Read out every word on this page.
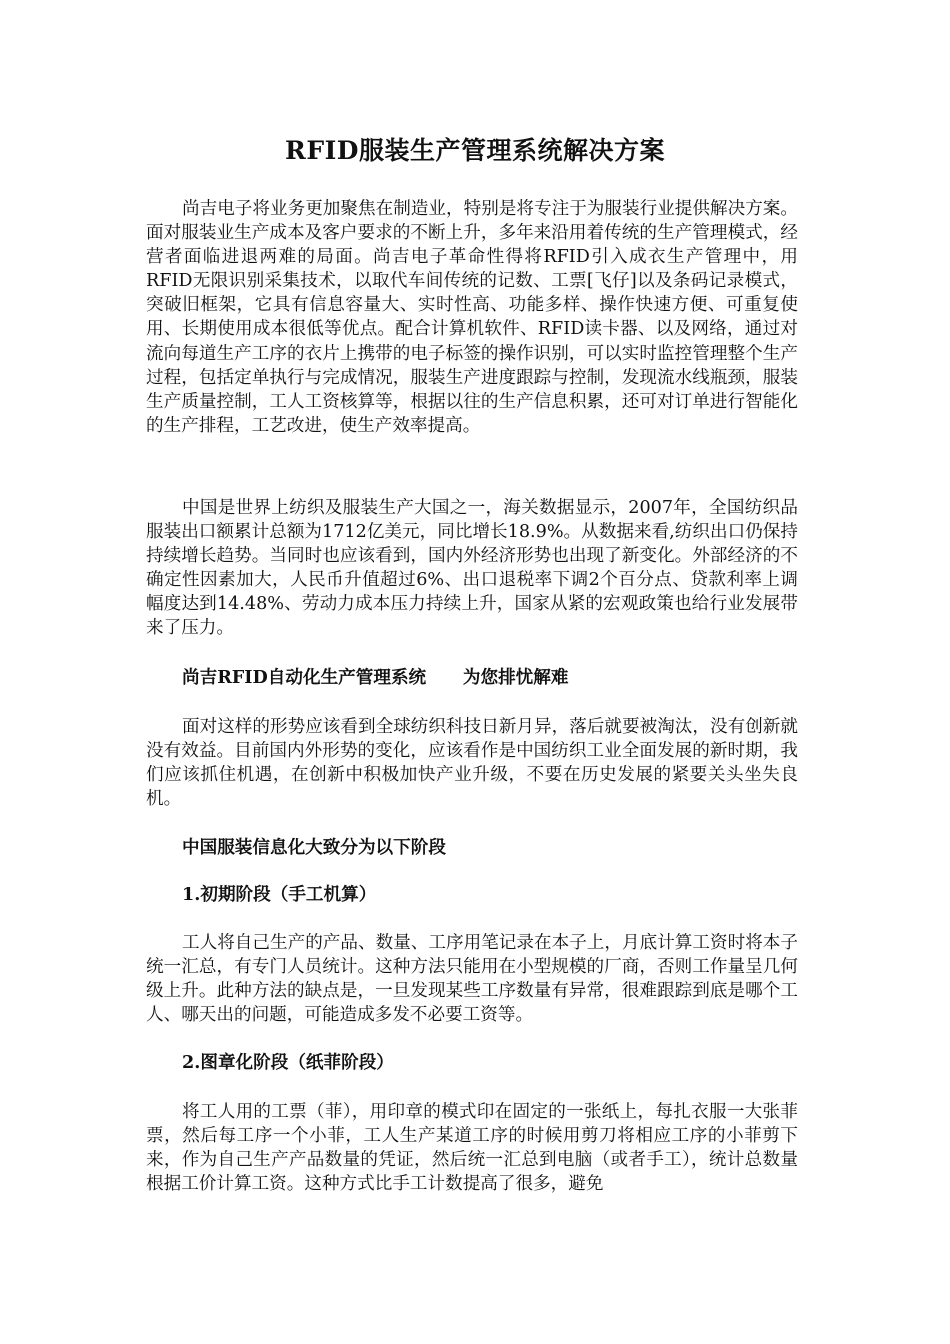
RFID服装生产管理系统解决方案

尚吉电子将业务更加聚焦在制造业，特别是将专注于为服装行业提供解决方案。面对服装业生产成本及客户要求的不断上升，多年来沿用着传统的生产管理模式，经营者面临进退两难的局面。尚吉电子革命性得将RFID引入成衣生产管理中，用RFID无限识别采集技术，以取代车间传统的记数、工票[飞仔]以及条码记录模式，突破旧框架，它具有信息容量大、实时性高、功能多样、操作快速方便、可重复使用、长期使用成本很低等优点。配合计算机软件、RFID读卡器、以及网络，通过对流向每道生产工序的衣片上携带的电子标签的操作识别，可以实时监控管理整个生产过程，包括定单执行与完成情况，服装生产进度跟踪与控制，发现流水线瓶颈，服装生产质量控制，工人工资核算等，根据以往的生产信息积累，还可对订单进行智能化的生产排程，工艺改进，使生产效率提高。

中国是世界上纺织及服装生产大国之一，海关数据显示，2007年，全国纺织品服装出口额累计总额为1712亿美元，同比增长18.9%。从数据来看,纺织出口仍保持持续增长趋势。当同时也应该看到，国内外经济形势也出现了新变化。外部经济的不确定性因素加大，人民币升值超过6%、出口退税率下调2个百分点、贷款利率上调幅度达到14.48%、劳动力成本压力持续上升，国家从紧的宏观政策也给行业发展带来了压力。

尚吉RFID自动化生产管理系统      为您排忧解难

面对这样的形势应该看到全球纺织科技日新月异，落后就要被淘汰，没有创新就没有效益。目前国内外形势的变化，应该看作是中国纺织工业全面发展的新时期，我们应该抓住机遇，在创新中积极加快产业升级，不要在历史发展的紧要关头坐失良机。

中国服装信息化大致分为以下阶段

1.初期阶段（手工机算）

工人将自己生产的产品、数量、工序用笔记录在本子上，月底计算工资时将本子统一汇总，有专门人员统计。这种方法只能用在小型规模的厂商，否则工作量呈几何级上升。此种方法的缺点是，一旦发现某些工序数量有异常，很难跟踪到底是哪个工人、哪天出的问题，可能造成多发不必要工资等。

2.图章化阶段（纸菲阶段）

将工人用的工票（菲），用印章的模式印在固定的一张纸上，每扎衣服一大张菲票，然后每工序一个小菲，工人生产某道工序的时候用剪刀将相应工序的小菲剪下来，作为自己生产产品数量的凭证，然后统一汇总到电脑（或者手工），统计总数量根据工价计算工资。这种方式比手工计数提高了很多，避免
